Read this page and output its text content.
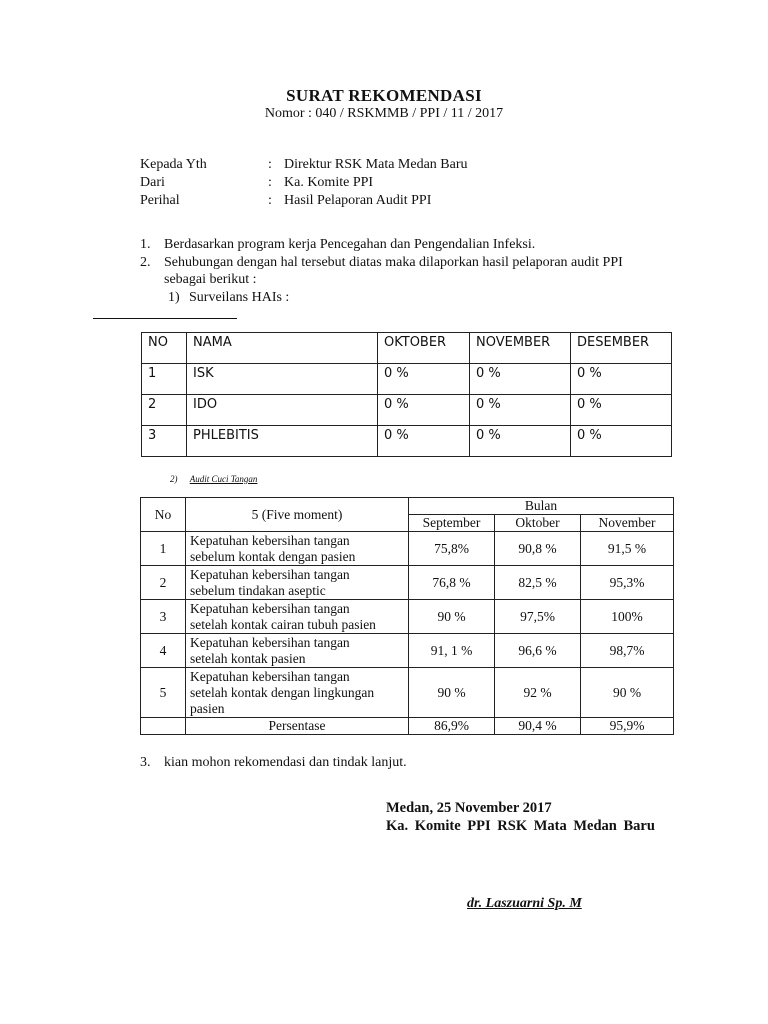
SURAT REKOMENDASI
Nomor : 040 / RSKMMB / PPI / 11 / 2017
Kepada Yth	: Direktur RSK Mata Medan Baru
Dari	: Ka. Komite PPI
Perihal	: Hasil Pelaporan Audit PPI
1. Berdasarkan program kerja Pencegahan dan Pengendalian Infeksi.
2. Sehubungan dengan hal tersebut diatas maka dilaporkan hasil pelaporan audit PPI
sebagai berikut :
1) Surveilans HAIs :
NO	NAMA	OKTOBER	NOVEMBER	DESEMBER
1	ISK	0 %	0 %	0 %
2	IDO	0 %	0 %	0 %
3	PHLEBITIS	0 %	0 %	0 %
2) Audit Cuci Tangan
No	5 (Five moment)	Bulan		
		September	Oktober	November
1	Kepatuhan kebersihan tangan
sebelum kontak dengan pasien	75,8%	90,8 %	91,5 %
2	Kepatuhan kebersihan tangan
sebelum tindakan aseptic	76,8 %	82,5 %	95,3%
3	Kepatuhan kebersihan tangan
setelah kontak cairan tubuh pasien	90 %	97,5%	100%
4	Kepatuhan kebersihan tangan
setelah kontak pasien	91, 1 %	96,6 %	98,7%
5	Kepatuhan kebersihan tangan
setelah kontak dengan lingkungan
pasien	90 %	92 %	90 %
	Persentase	86,9%	90,4 %	95,9%
3. kian mohon rekomendasi dan tindak lanjut.
Medan, 25 November 2017
Ka. Komite PPI RSK Mata Medan Baru
dr. Laszuarni Sp. M
